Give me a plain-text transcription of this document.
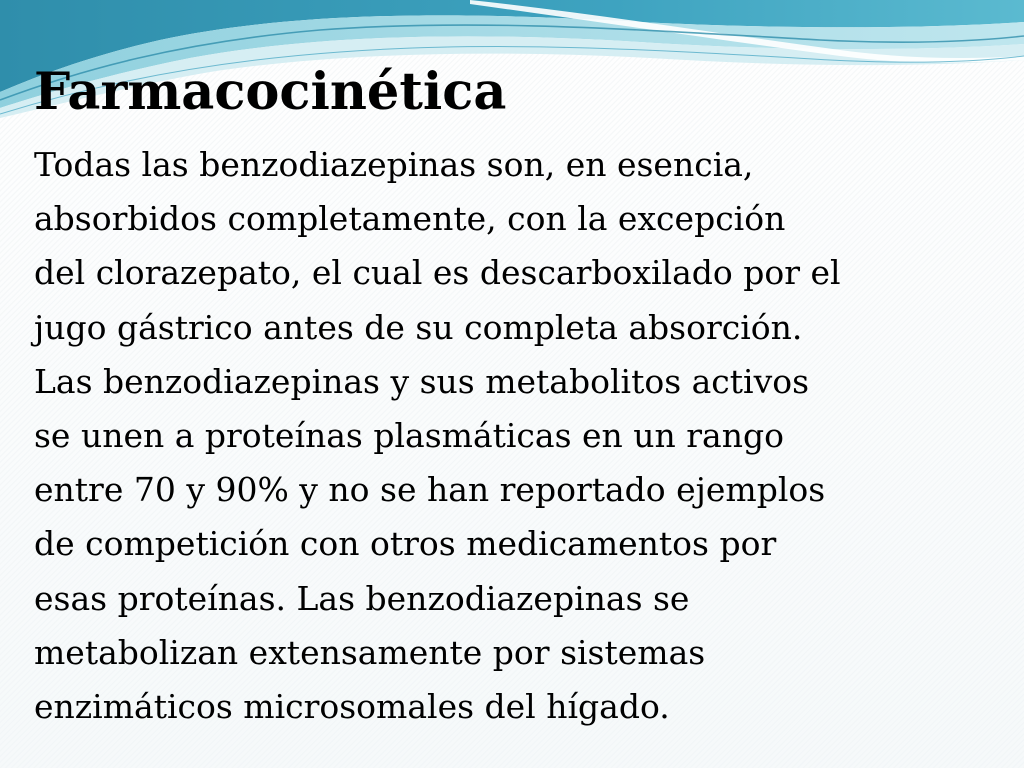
Farmacocinética
Todas las benzodiazepinas son, en esencia,
absorbidos completamente, con la excepción
del clorazepato, el cual es descarboxilado por el
jugo gástrico antes de su completa absorción.
Las benzodiazepinas y sus metabolitos activos
se unen a proteínas plasmáticas en un rango
entre 70 y 90% y no se han reportado ejemplos
de competición con otros medicamentos por
esas proteínas. Las benzodiazepinas se
metabolizan extensamente por sistemas
enzimáticos microsomales del hígado.
